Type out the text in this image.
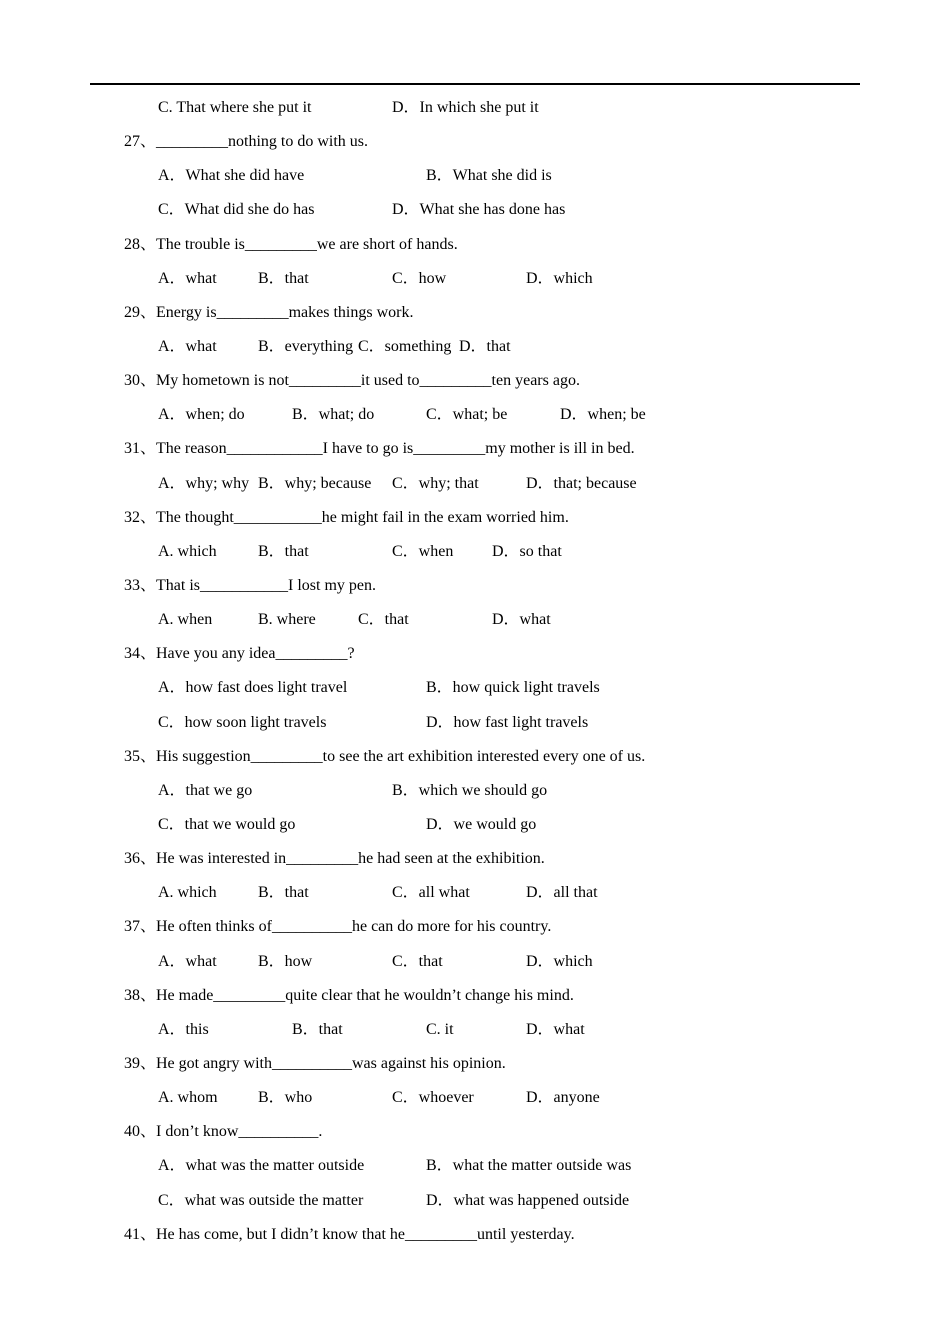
C. That where she put it	D．In which she put it
27、_________nothing to do with us.
A．What she did have	B．What she did is
C．What did she do has	D．What she has done has
28、The trouble is_________we are short of hands.
A．what	B．that	C．how	D．which
29、Energy is_________makes things work.
A．what	B．everything C．something D．that
30、My hometown is not_________it used to_________ten years ago.
A．when; do	B．what; do	C．what; be	D．when; be
31、The reason____________I have to go is_________my mother is ill in bed.
A．why; why B．why; because C．why; that	D．that; because
32、The thought___________he might fail in the exam worried him.
A. which	B．that	C．when D．so that
33、That is___________I lost my pen.
A. when	B. where	C．that	D．what
34、Have you any idea_________?
A．how fast does light travel	B．how quick light travels
C．how soon light travels	D．how fast light travels
35、His suggestion_________to see the art exhibition interested every one of us.
A．that we go	B．which we should go
C．that we would go	D．we would go
36、He was interested in_________he had seen at the exhibition.
A. which	B．that	C．all what	D．all that
37、He often thinks of__________he can do more for his country.
A．what	B．how	C．that	D．which
38、He made_________quite clear that he wouldn’t change his mind.
A．this	B．that	C. it	D．what
39、He got angry with__________was against his opinion.
A. whom	B．who	C．whoever	D．anyone
40、I don’t know__________.
A．what was the matter outside	B．what the matter outside was
C．what was outside the matter	D．what was happened outside
41、He has come, but I didn’t know that he_________until yesterday.
